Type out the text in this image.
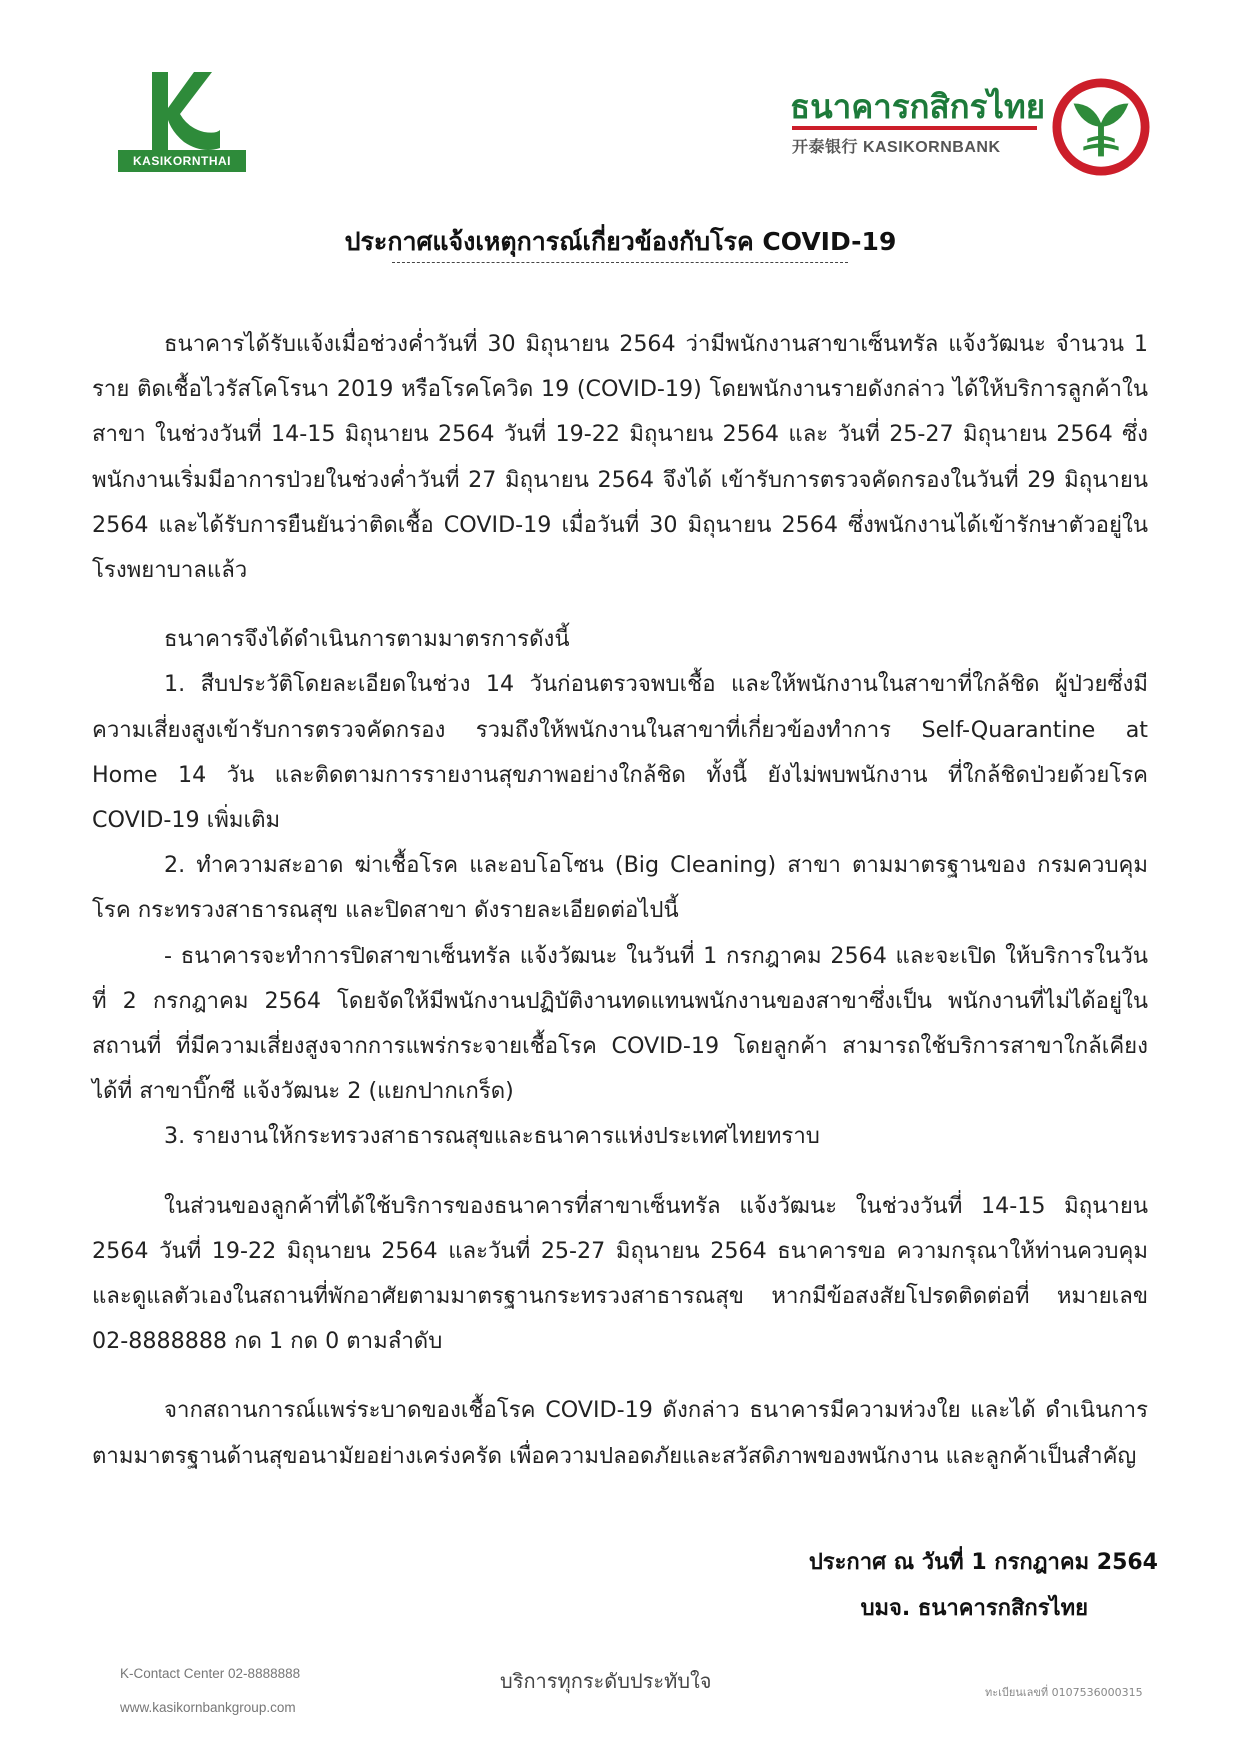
KASIKORNTHAI
ธนาคารกสิกรไทย
开泰银行 KASIKORNBANK
ประกาศแจ้งเหตุการณ์เกี่ยวข้องกับโรค COVID-19

ธนาคารได้รับแจ้งเมื่อช่วงค่ำวันที่ 30 มิถุนายน 2564 ว่ามีพนักงานสาขาเซ็นทรัล แจ้งวัฒนะ จำนวน 1 ราย ติดเชื้อไวรัสโคโรนา 2019 หรือโรคโควิด 19 (COVID-19) โดยพนักงานรายดังกล่าว ได้ให้บริการลูกค้าในสาขา ในช่วงวันที่ 14-15 มิถุนายน 2564 วันที่ 19-22 มิถุนายน 2564 และ วันที่ 25-27 มิถุนายน 2564 ซึ่งพนักงานเริ่มมีอาการป่วยในช่วงค่ำวันที่ 27 มิถุนายน 2564 จึงได้ เข้ารับการตรวจคัดกรองในวันที่ 29 มิถุนายน 2564 และได้รับการยืนยันว่าติดเชื้อ COVID-19 เมื่อวันที่ 30 มิถุนายน 2564 ซึ่งพนักงานได้เข้ารักษาตัวอยู่ในโรงพยาบาลแล้ว

ธนาคารจึงได้ดำเนินการตามมาตรการดังนี้

1. สืบประวัติโดยละเอียดในช่วง 14 วันก่อนตรวจพบเชื้อ และให้พนักงานในสาขาที่ใกล้ชิด ผู้ป่วยซึ่งมีความเสี่ยงสูงเข้ารับการตรวจคัดกรอง รวมถึงให้พนักงานในสาขาที่เกี่ยวข้องทำการ Self-Quarantine at Home 14 วัน และติดตามการรายงานสุขภาพอย่างใกล้ชิด ทั้งนี้ ยังไม่พบพนักงาน ที่ใกล้ชิดป่วยด้วยโรค COVID-19 เพิ่มเติม

2. ทำความสะอาด ฆ่าเชื้อโรค และอบโอโซน (Big Cleaning) สาขา ตามมาตรฐานของ กรมควบคุมโรค กระทรวงสาธารณสุข และปิดสาขา ดังรายละเอียดต่อไปนี้

- ธนาคารจะทำการปิดสาขาเซ็นทรัล แจ้งวัฒนะ ในวันที่ 1 กรกฎาคม 2564 และจะเปิด ให้บริการในวันที่ 2 กรกฎาคม 2564 โดยจัดให้มีพนักงานปฏิบัติงานทดแทนพนักงานของสาขาซึ่งเป็น พนักงานที่ไม่ได้อยู่ในสถานที่ ที่มีความเสี่ยงสูงจากการแพร่กระจายเชื้อโรค COVID-19 โดยลูกค้า สามารถใช้บริการสาขาใกล้เคียง ได้ที่ สาขาบิ๊กซี แจ้งวัฒนะ 2 (แยกปากเกร็ด)

3. รายงานให้กระทรวงสาธารณสุขและธนาคารแห่งประเทศไทยทราบ

ในส่วนของลูกค้าที่ได้ใช้บริการของธนาคารที่สาขาเซ็นทรัล แจ้งวัฒนะ ในช่วงวันที่ 14-15 มิถุนายน 2564 วันที่ 19-22 มิถุนายน 2564 และวันที่ 25-27 มิถุนายน 2564 ธนาคารขอ ความกรุณาให้ท่านควบคุมและดูแลตัวเองในสถานที่พักอาศัยตามมาตรฐานกระทรวงสาธารณสุข หากมีข้อสงสัยโปรดติดต่อที่ หมายเลข 02-8888888 กด 1 กด 0 ตามลำดับ

จากสถานการณ์แพร่ระบาดของเชื้อโรค COVID-19 ดังกล่าว ธนาคารมีความห่วงใย และได้ ดำเนินการตามมาตรฐานด้านสุขอนามัยอย่างเคร่งครัด เพื่อความปลอดภัยและสวัสดิภาพของพนักงาน และลูกค้าเป็นสำคัญ

ประกาศ ณ วันที่ 1 กรกฎาคม 2564
บมจ. ธนาคารกสิกรไทย
K-Contact Center 02-8888888
www.kasikornbankgroup.com
บริการทุกระดับประทับใจ	ทะเบียนเลขที่ 0107536000315
